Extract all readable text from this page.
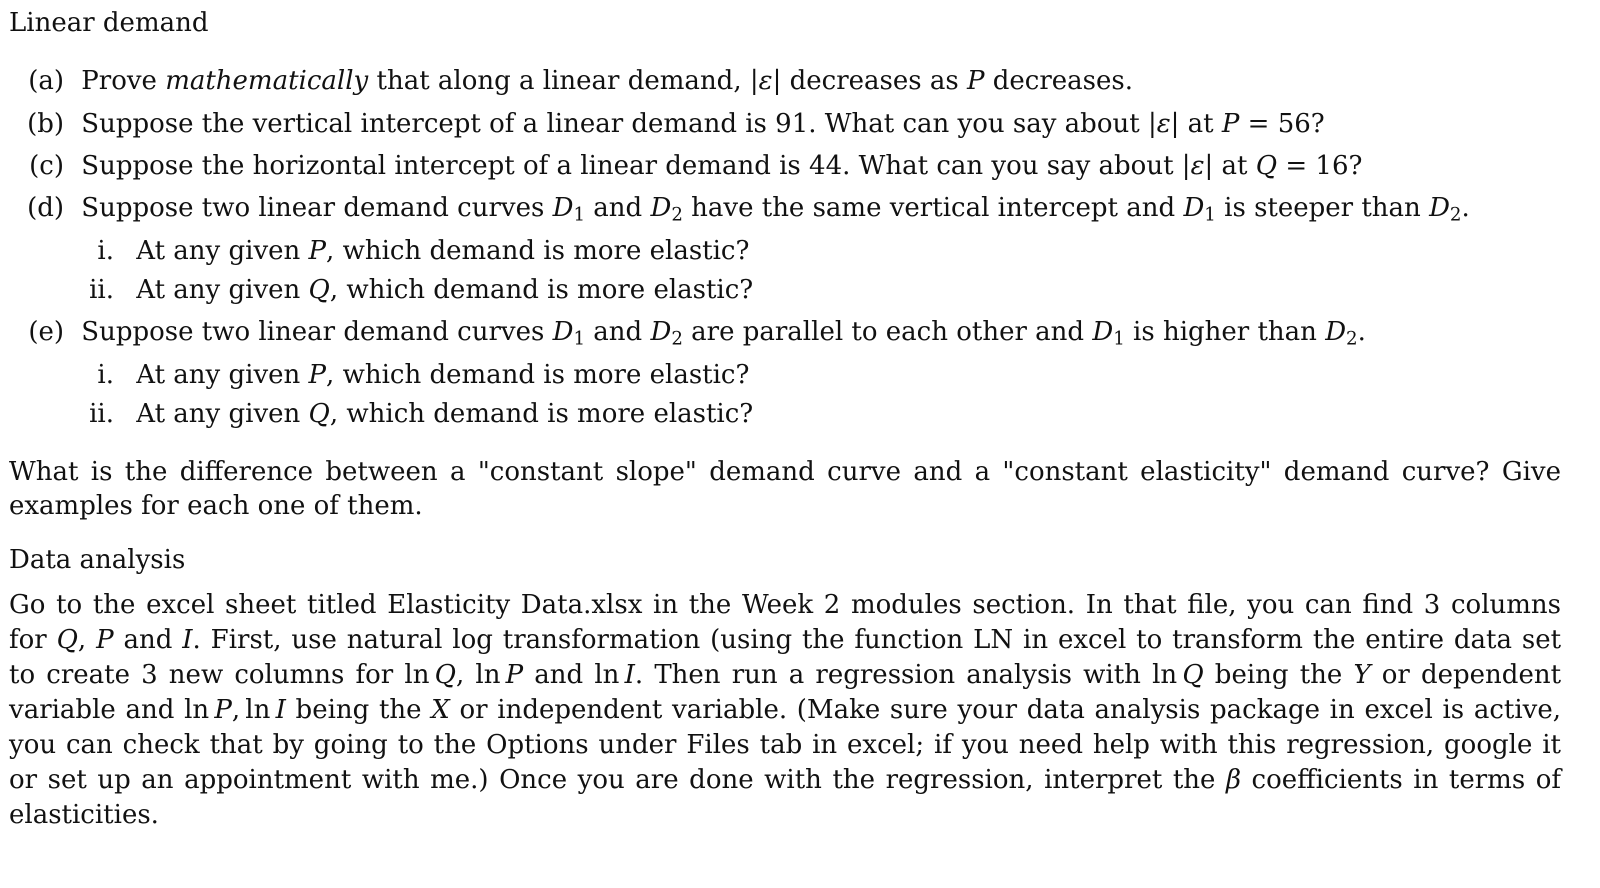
Linear demand
(a) Prove mathematically that along a linear demand, |ε| decreases as P decreases.
(b) Suppose the vertical intercept of a linear demand is 91. What can you say about |ε| at P = 56?
(c) Suppose the horizontal intercept of a linear demand is 44. What can you say about |ε| at Q = 16?
(d) Suppose two linear demand curves $D_1$ and $D_2$ have the same vertical intercept and $D_1$ is steeper than $D_2$.
i. At any given P, which demand is more elastic?
ii. At any given Q, which demand is more elastic?
(e) Suppose two linear demand curves $D_1$ and $D_2$ are parallel to each other and $D_1$ is higher than $D_2$.
i. At any given P, which demand is more elastic?
ii. At any given Q, which demand is more elastic?
What is the difference between a "constant slope" demand curve and a "constant elasticity" demand curve? Give
examples for each one of them.
Data analysis
Go to the excel sheet titled Elasticity Data.xlsx in the Week 2 modules section. In that file, you can find 3 columns
for Q, P and I. First, use natural log transformation (using the function LN in excel to transform the entire data set
to create 3 new columns for ln Q, ln P and ln I. Then run a regression analysis with ln Q being the Y or dependent
variable and ln P, ln I being the X or independent variable. (Make sure your data analysis package in excel is active,
you can check that by going to the Options under Files tab in excel; if you need help with this regression, google it
or set up an appointment with me.) Once you are done with the regression, interpret the β coefficients in terms of
elasticities.
